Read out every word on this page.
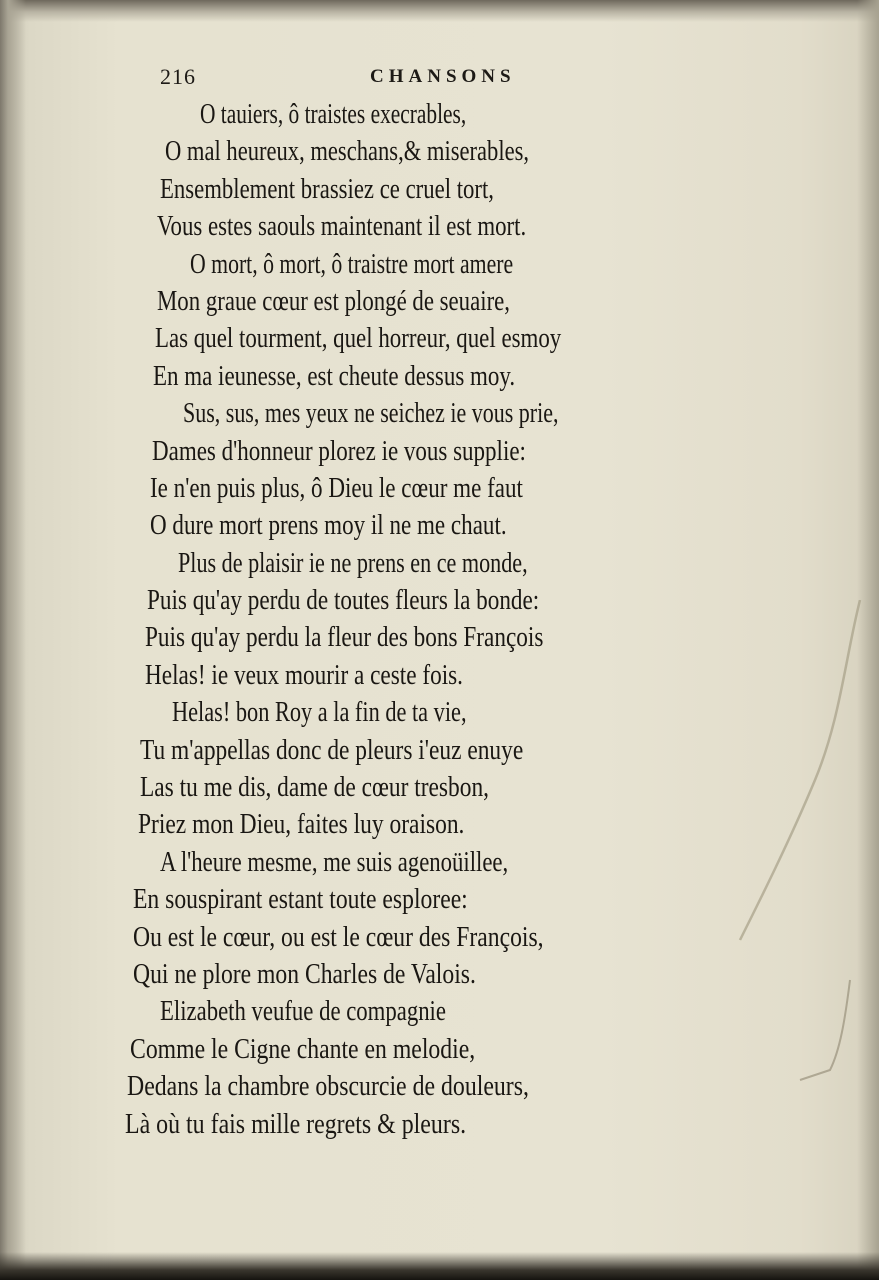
216	CHANSONS
O tauiers, ô traistes execrables,
O mal heureux, meschans,& miserables,
Ensemblement brassiez ce cruel tort,
Vous estes saouls maintenant il est mort.
O mort, ô mort, ô traistre mort amere
Mon graue cœur est plongé de seuaire,
Las quel tourment, quel horreur, quel esmoy
En ma ieunesse, est cheute dessus moy.
Sus, sus, mes yeux ne seichez ie vous prie,
Dames d'honneur plorez ie vous supplie:
Ie n'en puis plus, ô Dieu le cœur me faut
O dure mort prens moy il ne me chaut.
Plus de plaisir ie ne prens en ce monde,
Puis qu'ay perdu de toutes fleurs la bonde:
Puis qu'ay perdu la fleur des bons François
Helas! ie veux mourir a ceste fois.
Helas! bon Roy a la fin de ta vie,
Tu m'appellas donc de pleurs i'euz enuye
Las tu me dis, dame de cœur tresbon,
Priez mon Dieu, faites luy oraison.
A l'heure mesme, me suis agenoüillee,
En souspirant estant toute esploree:
Ou est le cœur, ou est le cœur des François,
Qui ne plore mon Charles de Valois.
Elizabeth veufue de compagnie
Comme le Cigne chante en melodie,
Dedans la chambre obscurcie de douleurs,
Là où tu fais mille regrets & pleurs.
